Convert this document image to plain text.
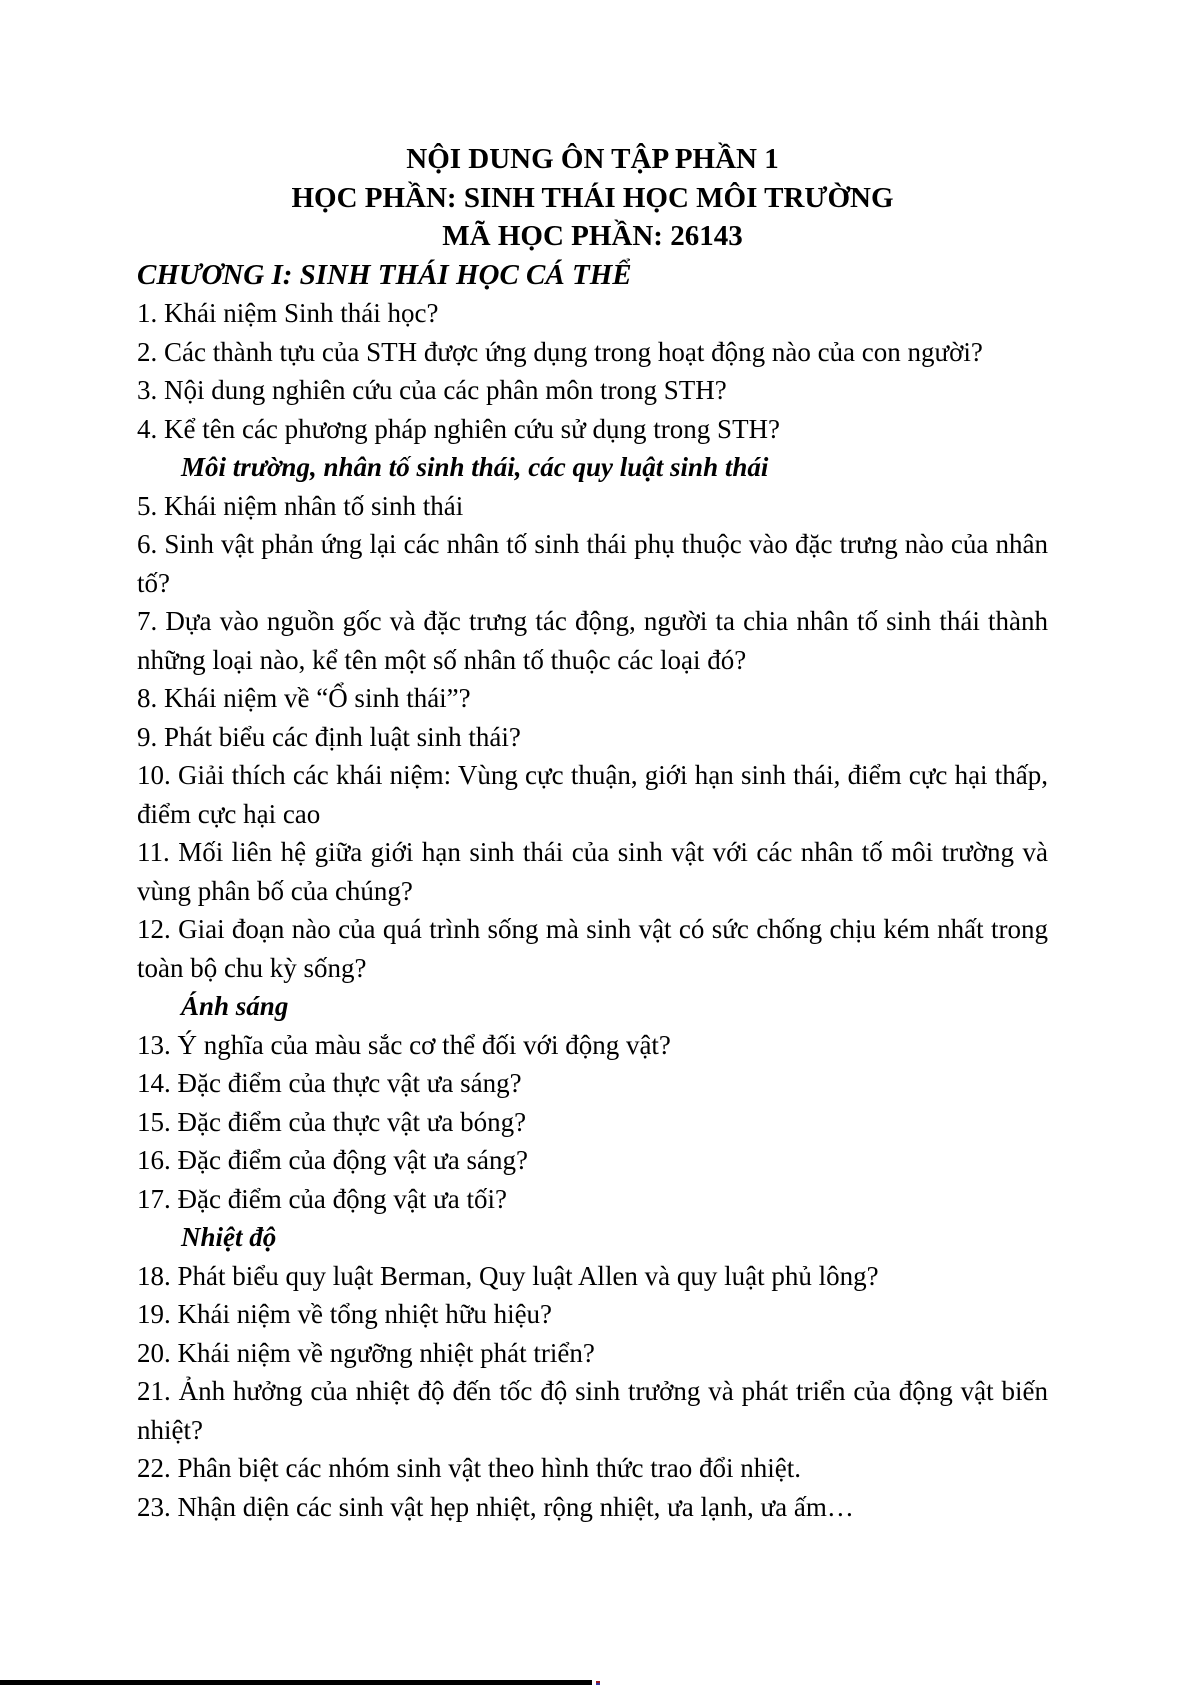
NỘI DUNG ÔN TẬP PHẦN 1

HỌC PHẦN: SINH THÁI HỌC MÔI TRƯỜNG

MÃ HỌC PHẦN: 26143

CHƯƠNG I: SINH THÁI HỌC CÁ THỂ

1. Khái niệm Sinh thái học?

2. Các thành tựu của STH được ứng dụng trong hoạt động nào của con người?

3. Nội dung nghiên cứu của các phân môn trong STH?

4. Kể tên các phương pháp nghiên cứu sử dụng trong STH?

Môi trường, nhân tố sinh thái, các quy luật sinh thái

5. Khái niệm nhân tố sinh thái

6. Sinh vật phản ứng lại các nhân tố sinh thái phụ thuộc vào đặc trưng nào của nhân tố?

7. Dựa vào nguồn gốc và đặc trưng tác động, người ta chia nhân tố sinh thái thành những loại nào, kể tên một số nhân tố thuộc các loại đó?

8. Khái niệm về “Ổ sinh thái”?

9. Phát biểu các định luật sinh thái?

10. Giải thích các khái niệm: Vùng cực thuận, giới hạn sinh thái, điểm cực hại thấp, điểm cực hại cao

11. Mối liên hệ giữa giới hạn sinh thái của sinh vật với các nhân tố môi trường và vùng phân bố của chúng?

12. Giai đoạn nào của quá trình sống mà sinh vật có sức chống chịu kém nhất trong toàn bộ chu kỳ sống?

Ánh sáng

13. Ý nghĩa của màu sắc cơ thể đối với động vật?

14. Đặc điểm của thực vật ưa sáng?

15. Đặc điểm của thực vật ưa bóng?

16. Đặc điểm của động vật ưa sáng?

17. Đặc điểm của động vật ưa tối?

Nhiệt độ

18. Phát biểu quy luật Berman, Quy luật Allen và quy luật phủ lông?

19. Khái niệm về tổng nhiệt hữu hiệu?

20. Khái niệm về ngưỡng nhiệt phát triển?

21. Ảnh hưởng của nhiệt độ đến tốc độ sinh trưởng và phát triển của động vật biến nhiệt?

22. Phân biệt các nhóm sinh vật theo hình thức trao đổi nhiệt.

23. Nhận diện các sinh vật hẹp nhiệt, rộng nhiệt, ưa lạnh, ưa ấm…
